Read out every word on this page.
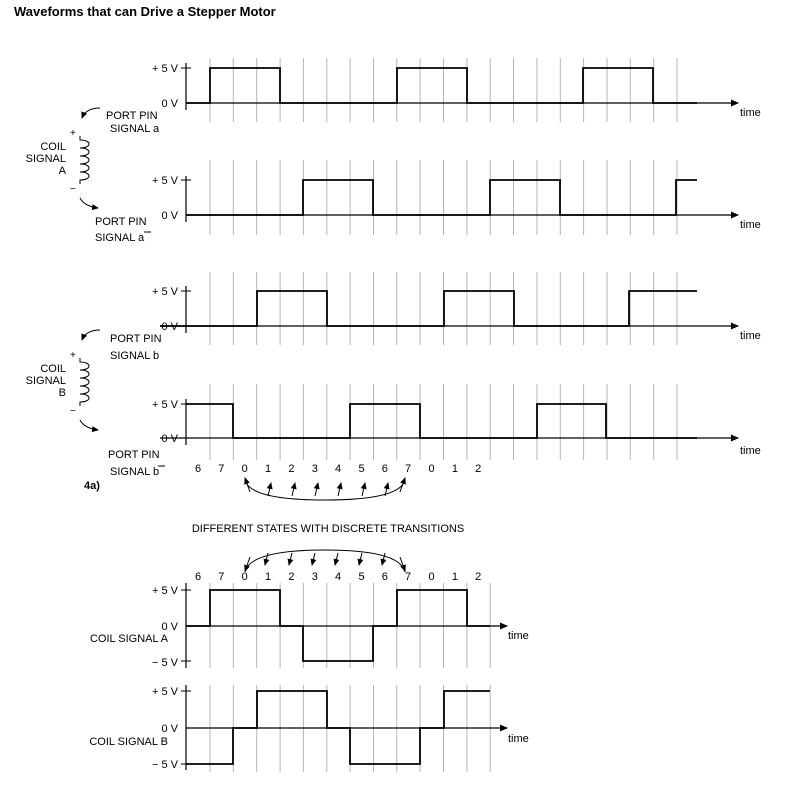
Waveforms that can Drive a Stepper Motor
+ 5 V
0 V
time
PORT PIN
SIGNAL a
+ 5 V
0 V
time
PORT PIN
SIGNAL a
+ 5 V
0 V
time
PORT PIN
SIGNAL b
+ 5 V
0 V
time
PORT PIN
SIGNAL b
+
−
COIL
SIGNAL
A
+
−
COIL
SIGNAL
B
6 7 0 1 2 3 4 5 6 7 0 1 2
4a)
DIFFERENT STATES WITH DISCRETE TRANSITIONS
6 7 0 1 2 3 4 5 6 7 0 1 2
+ 5 V
0 V
− 5 V
COIL SIGNAL A	time
+ 5 V
0 V
− 5 V
COIL SIGNAL B	time
